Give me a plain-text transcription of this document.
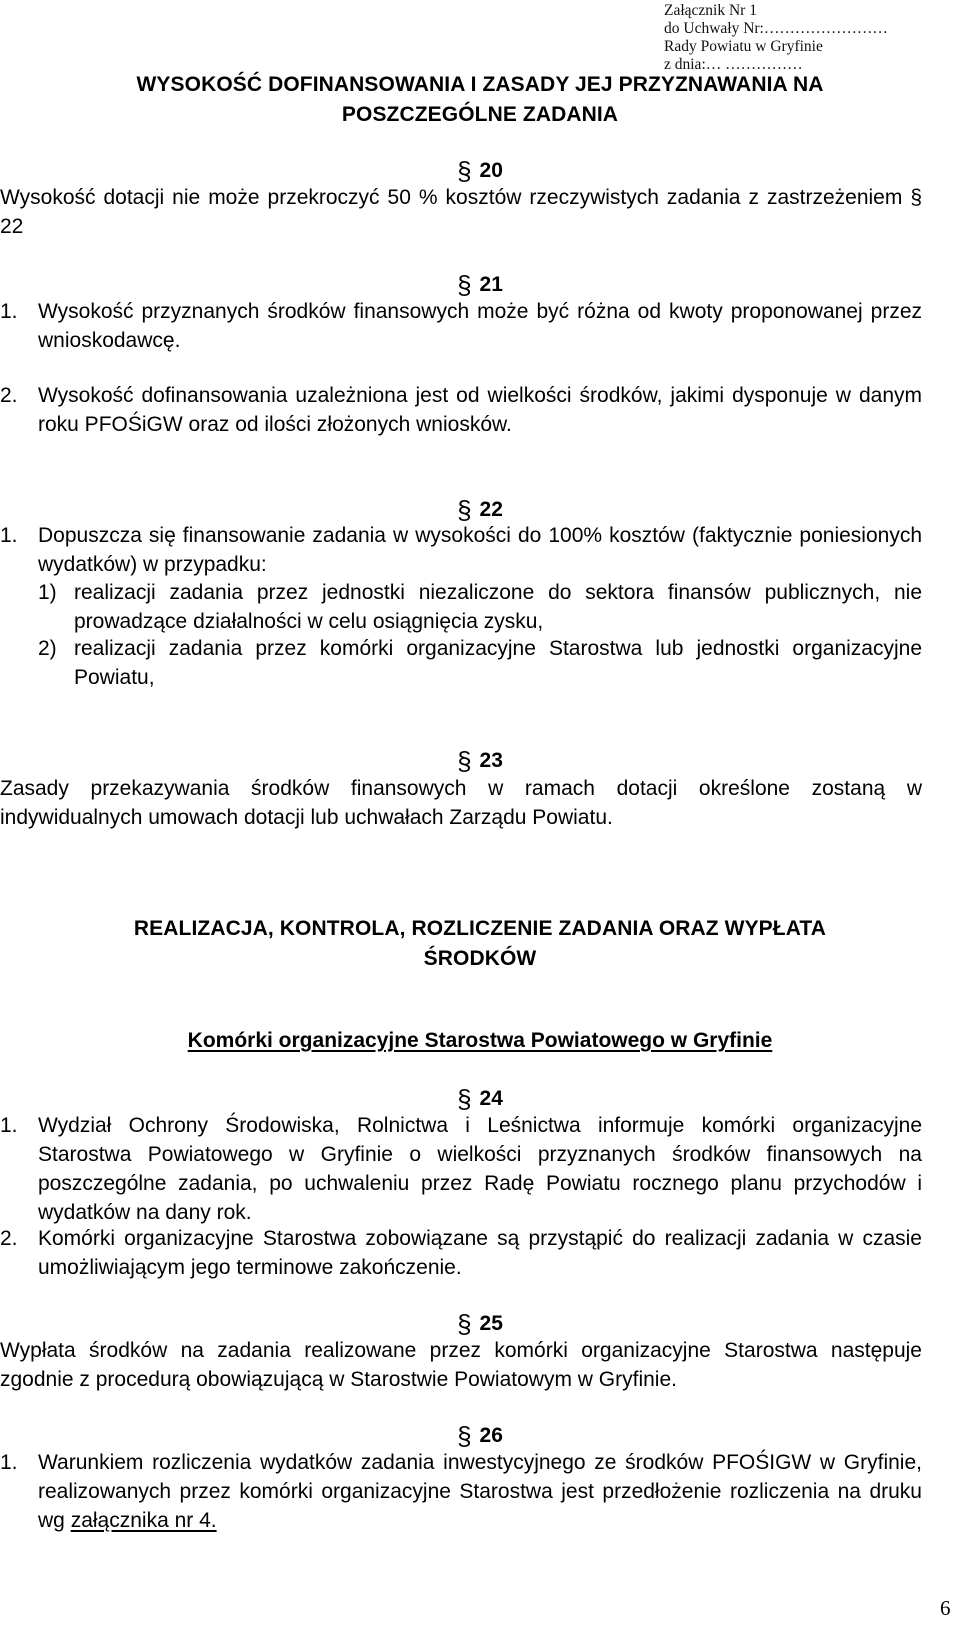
Załącznik Nr 1
do Uchwały Nr:……………………
Rady Powiatu w Gryfinie
z dnia:… ……………
WYSOKOŚĆ DOFINANSOWANIA I ZASADY JEJ PRZYZNAWANIA NA
POSZCZEGÓLNE ZADANIA
§ 20
Wysokość dotacji nie może przekroczyć 50 % kosztów rzeczywistych zadania z zastrzeżeniem § 22
§ 21
1. Wysokość przyznanych środków finansowych może być różna od kwoty proponowanej przez wnioskodawcę.
2. Wysokość dofinansowania uzależniona jest od wielkości środków, jakimi dysponuje w danym roku PFOŚiGW oraz od ilości złożonych wniosków.
§ 22
1. Dopuszcza się finansowanie zadania w wysokości do 100% kosztów (faktycznie poniesionych wydatków) w przypadku:
1) realizacji zadania przez jednostki niezaliczone do sektora finansów publicznych, nie prowadzące działalności w celu osiągnięcia zysku,
2) realizacji zadania przez komórki organizacyjne Starostwa lub jednostki organizacyjne Powiatu,
§ 23
Zasady przekazywania środków finansowych w ramach dotacji określone zostaną w indywidualnych umowach dotacji lub uchwałach Zarządu Powiatu.
REALIZACJA, KONTROLA, ROZLICZENIE ZADANIA ORAZ WYPŁATA
ŚRODKÓW
Komórki organizacyjne Starostwa Powiatowego w Gryfinie
§ 24
1. Wydział Ochrony Środowiska, Rolnictwa i Leśnictwa informuje komórki organizacyjne Starostwa Powiatowego w Gryfinie o wielkości przyznanych środków finansowych na poszczególne zadania, po uchwaleniu przez Radę Powiatu rocznego planu przychodów i wydatków na dany rok.
2. Komórki organizacyjne Starostwa zobowiązane są przystąpić do realizacji zadania w czasie umożliwiającym jego terminowe zakończenie.
§ 25
Wypłata środków na zadania realizowane przez komórki organizacyjne Starostwa następuje zgodnie z procedurą obowiązującą w Starostwie Powiatowym w Gryfinie.
§ 26
1. Warunkiem rozliczenia wydatków zadania inwestycyjnego ze środków PFOŚIGW w Gryfinie, realizowanych przez komórki organizacyjne Starostwa jest przedłożenie rozliczenia na druku wg załącznika nr 4.
6
